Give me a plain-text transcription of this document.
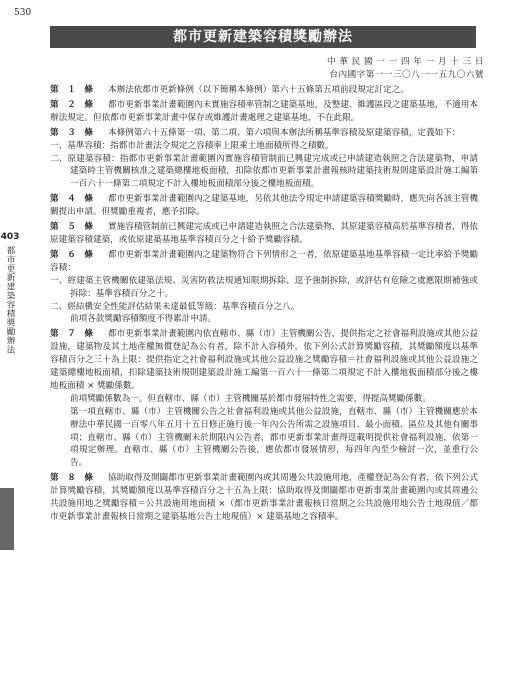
530
都市更新建築容積獎勵辦法
中 華 民 國 一 一 四 年 一 月 十 三 日
台內國字第一一三〇八一一五九〇六號
403
都市更新建築容積獎勵辦法
第　１　條 本辦法依都市更新條例（以下簡稱本條例）第六十五條第五項前段規定訂定之。
第　２　條 都市更新事業計畫範圍內未實施容積率管制之建築基地，及整建、維護區段之建築基地，不適用本辦法規定。但依都市更新事業計畫中保存或維護計畫處理之建築基地，不在此限。
第　３　條 本條例第六十五條第一項、第二項、第六項與本辦法所稱基準容積及原建築容積，定義如下：
一、基準容積：指都市計畫法令規定之容積率上限乘土地面積所得之積數。
二、原建築容積：指都市更新事業計畫範圍內實施容積管制前已興建完成或已申請建造執照之合法建築物，申請建築時主管機關核准之建築總樓地板面積，扣除依都市更新事業計畫報核時建築技術規則建築設計施工編第一百六十一條第二項規定不計入樓地板面積部分後之樓地板面積。
第　４　條 都市更新事業計畫範圍內之建築基地，另依其他法令規定申請建築容積獎勵時，應先向各該主管機關提出申請。但獎勵重複者，應予扣除。
第　５　條 實施容積管制前已興建完成或已申請建造執照之合法建築物，其原建築容積高於基準容積者，得依原建築容積建築，或依原建築基地基準容積百分之十給予獎勵容積。
第　６　條 都市更新事業計畫範圍內之建築物符合下列情形之一者，依原建築基地基準容積一定比率給予獎勵容積：
一、經建築主管機關依建築法規、災害防救法規通知限期拆除、逕予強制拆除，或評估有危險之虞應限期補強或拆除：基準容積百分之十。
二、經結構安全性能評估結果未達最低等級：基準容積百分之八。
前項各款獎勵容積額度不得累計申請。
第　７　條 都市更新事業計畫範圍內依直轄市、縣（市）主管機關公告，提供指定之社會福利設施或其他公益設施，建築物及其土地產權無償登記為公有者，除不計入容積外，依下列公式計算獎勵容積，其獎勵額度以基準容積百分之三十為上限：提供指定之社會福利設施或其他公益設施之獎勵容積＝社會福利設施或其他公益設施之建築總樓地板面積，扣除建築技術規則建築設計施工編第一百六十一條第二項規定不計入樓地板面積部分後之樓地板面積 × 獎勵係數。
前項獎勵係數為一。但直轄市、縣（市）主管機關基於都市發展特性之需要，得提高獎勵係數。
第一項直轄市、縣（市）主管機關公告之社會福利設施或其他公益設施，直轄市、縣（市）主管機關應於本辦法中華民國一百零八年五月十五日修正施行後一年內公告所需之設施項目、最小面積、區位及其他有關事項；直轄市、縣（市）主管機關未於期限內公告者，都市更新事業計畫得逕載明提供社會福利設施，依第一項規定辦理。直轄市、縣（市）主管機關公告後，應依都市發展情形，每四年內至少檢討一次，並重行公告。
第　８　條 協助取得及開闢都市更新事業計畫範圍內或其周邊公共設施用地，產權登記為公有者，依下列公式計算獎勵容積，其獎勵額度以基準容積百分之十五為上限：協助取得及開闢都市更新事業計畫範圍內或其周邊公共設施用地之獎勵容積＝公共設施用地面積 ×（都市更新事業計畫報核日當期之公共設施用地公告土地現值／都市更新事業計畫報核日當期之建築基地公告土地現值）× 建築基地之容積率。
